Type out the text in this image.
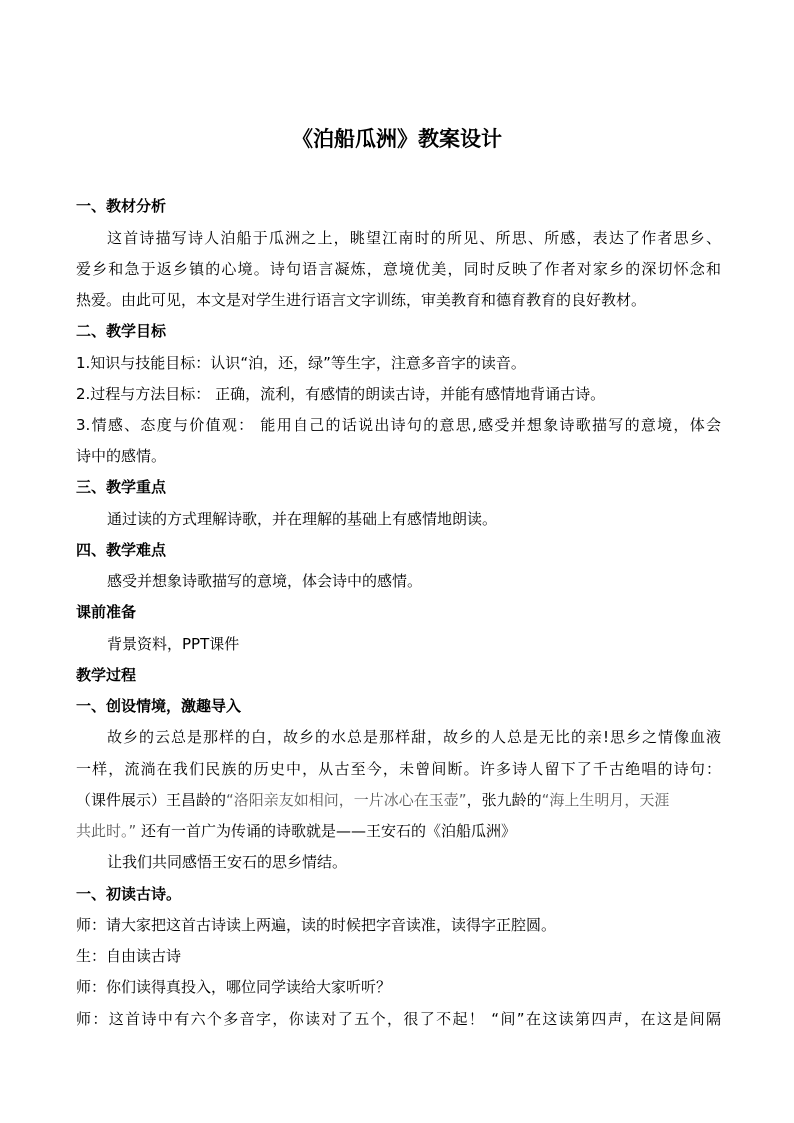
《泊船瓜洲》教案设计
一、教材分析
这首诗描写诗人泊船于瓜洲之上，眺望江南时的所见、所思、所感，表达了作者思乡、
爱乡和急于返乡镇的心境。诗句语言凝炼，意境优美，同时反映了作者对家乡的深切怀念和
热爱。由此可见，本文是对学生进行语言文字训练，审美教育和德育教育的良好教材。
二、教学目标
1.知识与技能目标：认识“泊，还，绿”等生字，注意多音字的读音。
2.过程与方法目标： 正确，流利，有感情的朗读古诗，并能有感情地背诵古诗。
3.情感、态度与价值观： 能用自己的话说出诗句的意思,感受并想象诗歌描写的意境，体会
诗中的感情。
三、教学重点
通过读的方式理解诗歌，并在理解的基础上有感情地朗读。
四、教学难点
感受并想象诗歌描写的意境，体会诗中的感情。
课前准备
背景资料，PPT课件
教学过程
一、创设情境，激趣导入
故乡的云总是那样的白，故乡的水总是那样甜，故乡的人总是无比的亲!思乡之情像血液
一样，流淌在我们民族的历史中，从古至今，未曾间断。许多诗人留下了千古绝唱的诗句：
（课件展示）王昌龄的“洛阳亲友如相问，一片冰心在玉壶”，张九龄的“海上生明月，天涯
共此时。” 还有一首广为传诵的诗歌就是——王安石的《泊船瓜洲》
让我们共同感悟王安石的思乡情结。
一、初读古诗。
师：请大家把这首古诗读上两遍，读的时候把字音读准，读得字正腔圆。
生：自由读古诗
师：你们读得真投入，哪位同学读给大家听听？
师：这首诗中有六个多音字，你读对了五个，很了不起！ “间”在这读第四声，在这是间隔
